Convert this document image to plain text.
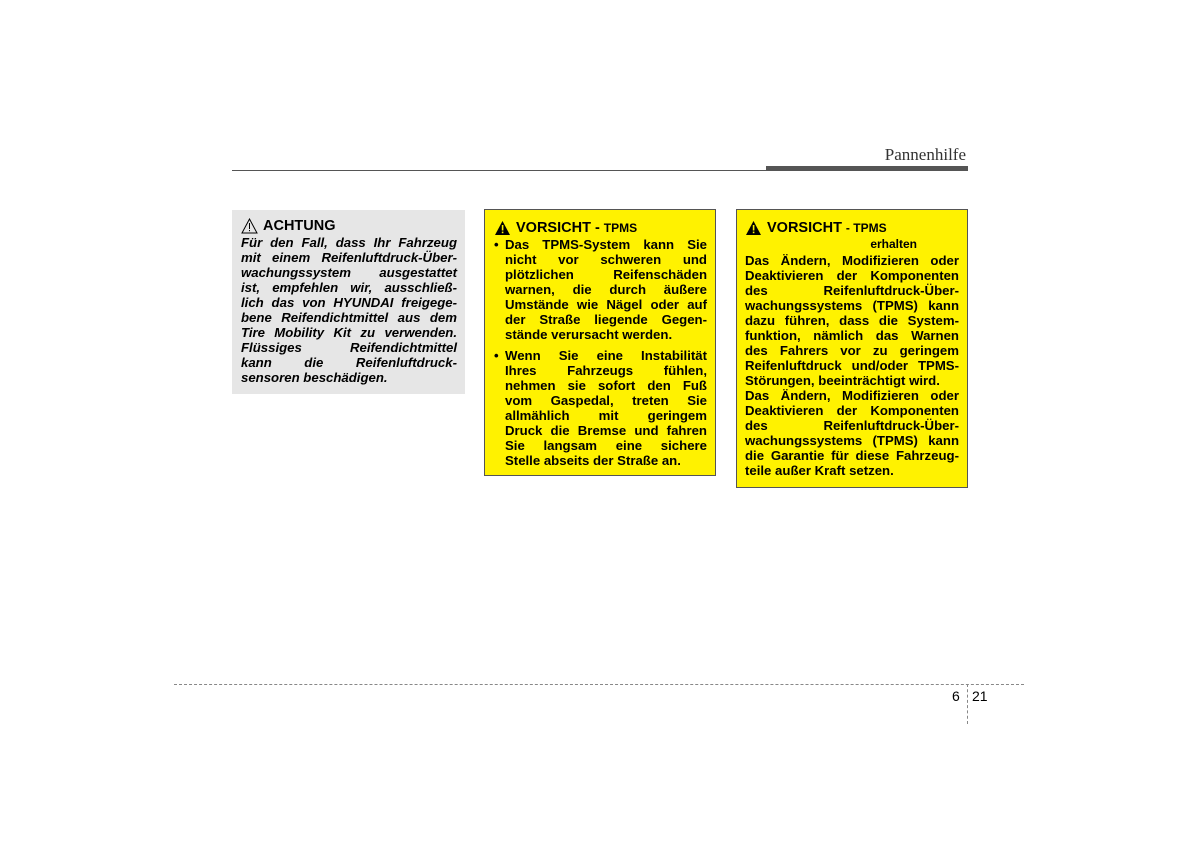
Pannenhilfe
ACHTUNG
Für den Fall, dass Ihr Fahrzeug
mit einem Reifenluftdruck-Über-
wachungssystem ausgestattet
ist, empfehlen wir, ausschließ-
lich das von HYUNDAI freigege-
bene Reifendichtmittel aus dem
Tire Mobility Kit zu verwenden.
Flüssiges Reifendichtmittel
kann die Reifenluftdruck-
sensoren beschädigen.
VORSICHT - TPMS
• Das TPMS-System kann Sie
nicht vor schweren und
plötzlichen Reifenschäden
warnen, die durch äußere
Umstände wie Nägel oder auf
der Straße liegende Gegen-
stände verursacht werden.
• Wenn Sie eine Instabilität
Ihres Fahrzeugs fühlen,
nehmen sie sofort den Fuß
vom Gaspedal, treten Sie
allmählich mit geringem
Druck die Bremse und fahren
Sie langsam eine sichere
Stelle abseits der Straße an.
VORSICHT - TPMS
erhalten
Das Ändern, Modifizieren oder
Deaktivieren der Komponenten
des Reifenluftdruck-Über-
wachungssystems (TPMS) kann
dazu führen, dass die System-
funktion, nämlich das Warnen
des Fahrers vor zu geringem
Reifenluftdruck und/oder TPMS-
Störungen, beeinträchtigt wird.
Das Ändern, Modifizieren oder
Deaktivieren der Komponenten
des Reifenluftdruck-Über-
wachungssystems (TPMS) kann
die Garantie für diese Fahrzeug-
teile außer Kraft setzen.
6 21
